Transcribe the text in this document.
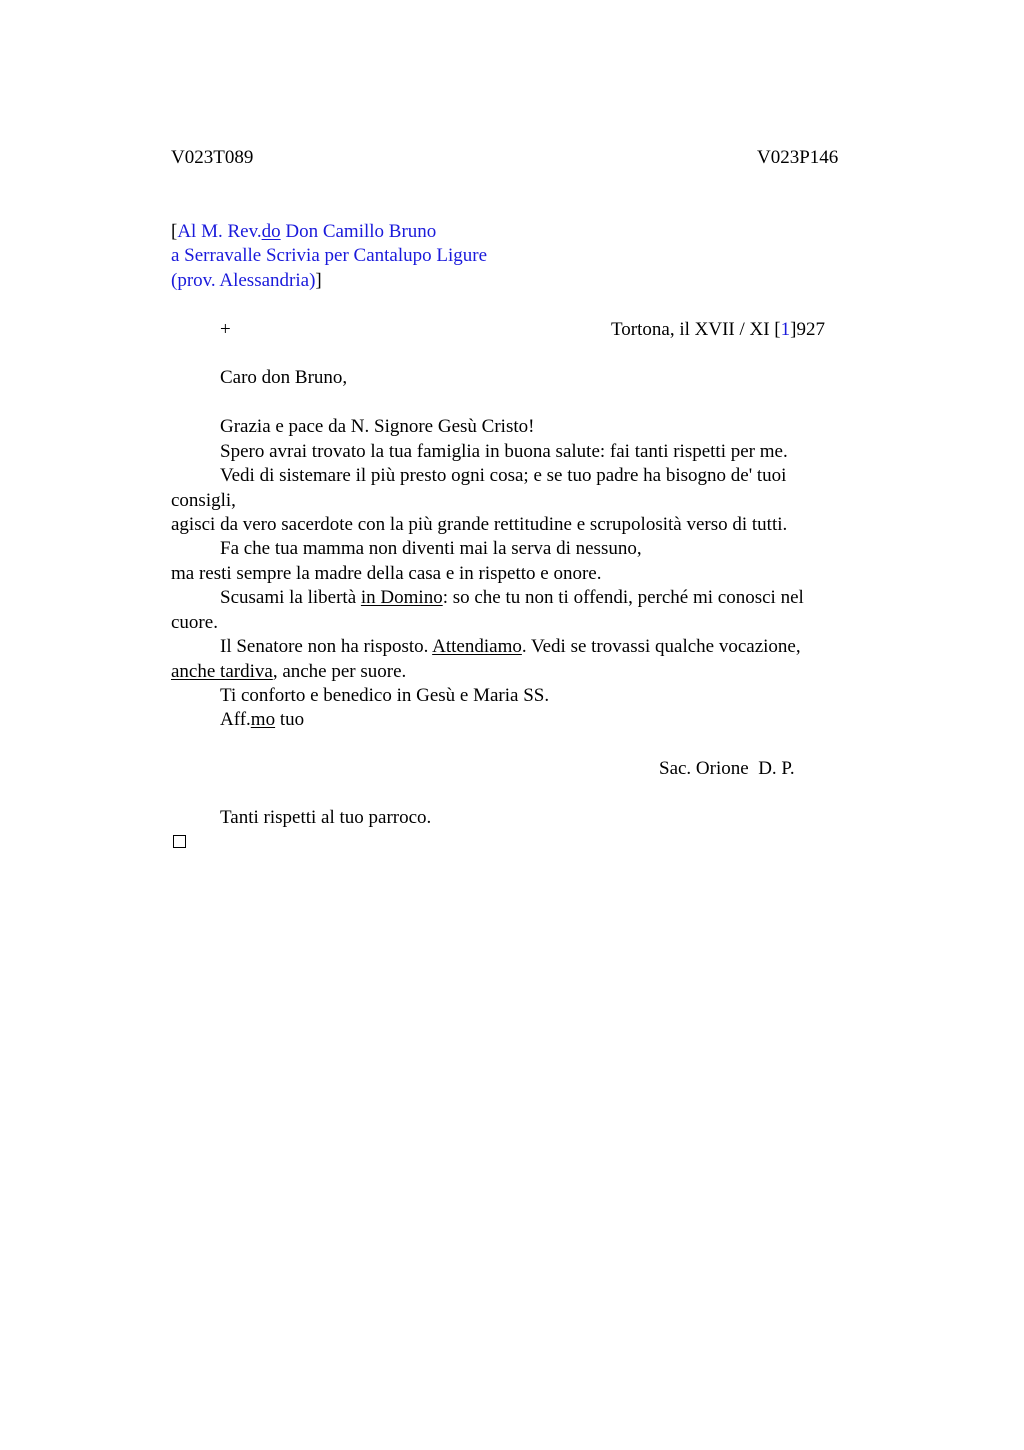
V023T089	V023P146
[Al M. Rev.do Don Camillo Bruno
a Serravalle Scrivia per Cantalupo Ligure
(prov. Alessandria)]
+	Tortona, il XVII / XI [1]927
Caro don Bruno,
Grazia e pace da N. Signore Gesù Cristo!
Spero avrai trovato la tua famiglia in buona salute: fai tanti rispetti per me.
Vedi di sistemare il più presto ogni cosa; e se tuo padre ha bisogno de' tuoi
consigli,
agisci da vero sacerdote con la più grande rettitudine e scrupolosità verso di tutti.
Fa che tua mamma non diventi mai la serva di nessuno,
ma resti sempre la madre della casa e in rispetto e onore.
Scusami la libertà in Domino: so che tu non ti offendi, perché mi conosci nel
cuore.
Il Senatore non ha risposto. Attendiamo. Vedi se trovassi qualche vocazione,
anche tardiva, anche per suore.
Ti conforto e benedico in Gesù e Maria SS.
Aff.mo tuo
Sac. Orione  D. P.
Tanti rispetti al tuo parroco.
